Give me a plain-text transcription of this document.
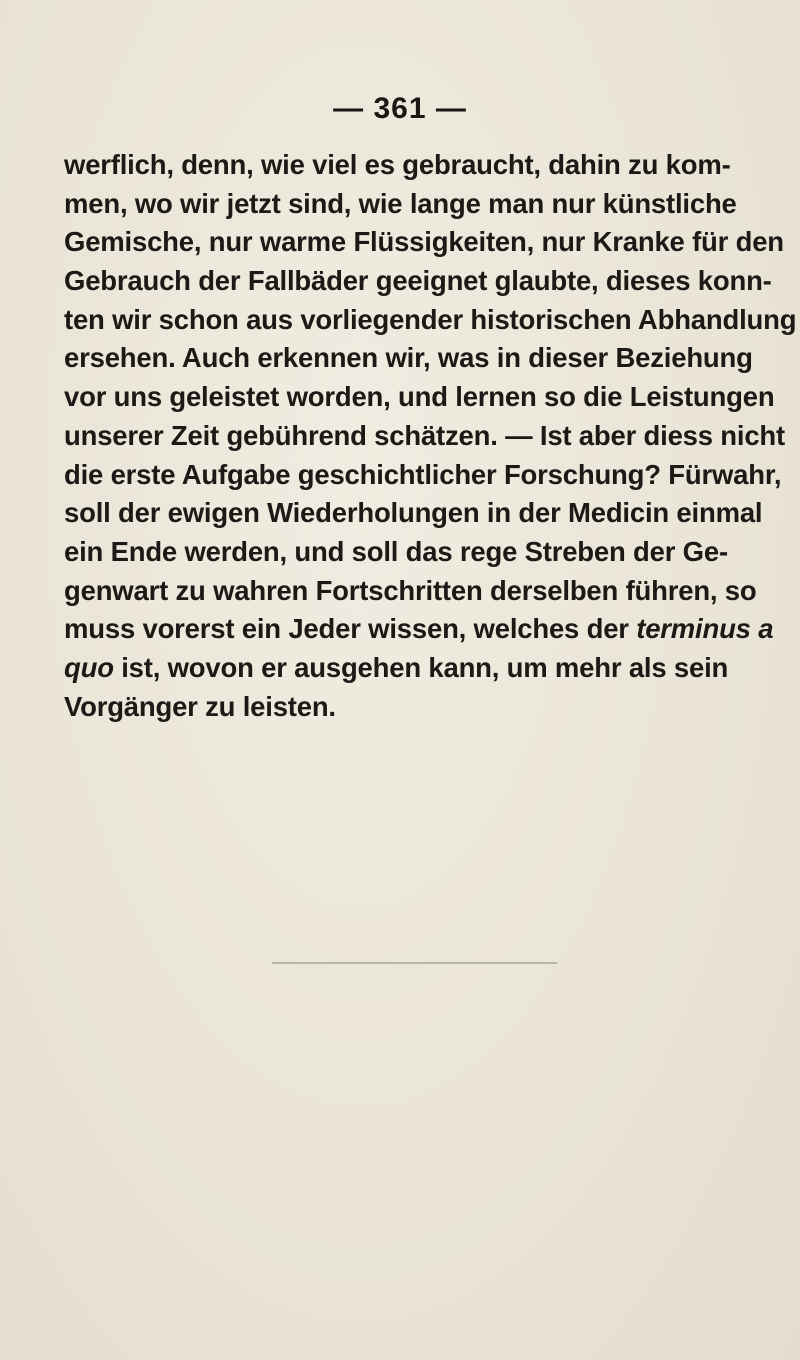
— 361 —
werflich, denn, wie viel es gebraucht, dahin zu kom-
men, wo wir jetzt sind, wie lange man nur künstliche
Gemische, nur warme Flüssigkeiten, nur Kranke für den
Gebrauch der Fallbäder geeignet glaubte, dieses konn-
ten wir schon aus vorliegender historischen Abhandlung
ersehen. Auch erkennen wir, was in dieser Beziehung
vor uns geleistet worden, und lernen so die Leistungen
unserer Zeit gebührend schätzen. — Ist aber diess nicht
die erste Aufgabe geschichtlicher Forschung? Fürwahr,
soll der ewigen Wiederholungen in der Medicin einmal
ein Ende werden, und soll das rege Streben der Ge-
genwart zu wahren Fortschritten derselben führen, so
muss vorerst ein Jeder wissen, welches der terminus a
quo ist, wovon er ausgehen kann, um mehr als sein
Vorgänger zu leisten.
